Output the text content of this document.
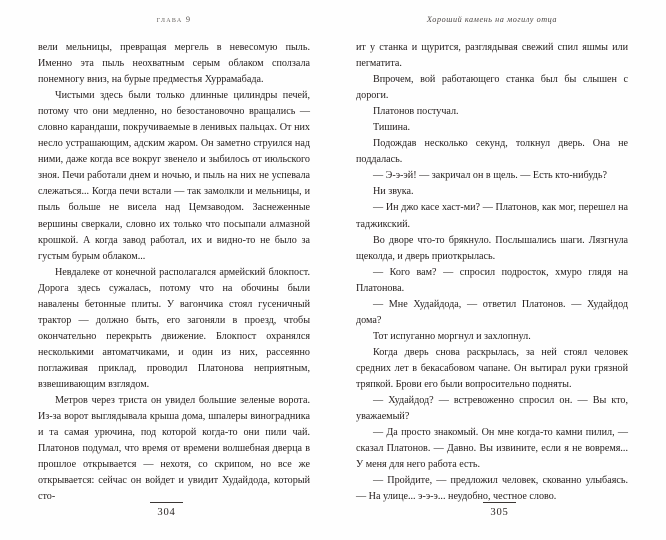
глава 9

вели мельницы, превращая мергель в невесомую пыль. Именно эта пыль неохватным серым облаком сползала понемногу вниз, на бурые предместья Хуррамабада.

Чистыми здесь были только длинные цилиндры печей, потому что они медленно, но безостановочно вращались — словно карандаши, покручиваемые в ленивых пальцах. От них несло устрашающим, адским жаром. Он заметно струился над ними, даже когда все вокруг звенело и зыбилось от июльского зноя. Печи работали днем и ночью, и пыль на них не успевала слежаться... Когда печи встали — так замолкли и мельницы, и пыль больше не висела над Цемзаводом. Заснеженные вершины сверкали, словно их только что посыпали алмазной крошкой. А когда завод работал, их и видно-то не было за густым бурым облаком...

Невдалеке от конечной располагался армейский блокпост. Дорога здесь сужалась, потому что на обочины были навалены бетонные плиты. У вагончика стоял гусеничный трактор — должно быть, его загоняли в проезд, чтобы окончательно перекрыть движение. Блокпост охранялся несколькими автоматчиками, и один из них, рассеянно поглаживая приклад, проводил Платонова неприятным, взвешивающим взглядом.

Метров через триста он увидел большие зеленые ворота. Из-за ворот выглядывала крыша дома, шпалеры виноградника и та самая урючина, под которой когда-то они пили чай. Платонов подумал, что время от времени волшебная дверца в прошлое открывается — нехотя, со скрипом, но все же открывается: сейчас он войдет и увидит Худайдода, который сто-

304
Хороший камень на могилу отца

ит у станка и щурится, разглядывая свежий спил яшмы или пегматита.

Впрочем, вой работающего станка был бы слышен с дороги.

Платонов постучал.

Тишина.

Подождав несколько секунд, толкнул дверь. Она не поддалась.

— Э-э-эй! — закричал он в щель. — Есть кто-нибудь?

Ни звука.

— Ин джо касе хаст-ми? — Платонов, как мог, перешел на таджикский.

Во дворе что-то брякнуло. Послышались шаги. Лязгнула щеколда, и дверь приоткрылась.

— Кого вам? — спросил подросток, хмуро глядя на Платонова.

— Мне Худайдода, — ответил Платонов. — Худайдод дома?

Тот испуганно моргнул и захлопнул.

Когда дверь снова раскрылась, за ней стоял человек средних лет в бекасабовом чапане. Он вытирал руки грязной тряпкой. Брови его были вопросительно подняты.

— Худайдод? — встревоженно спросил он. — Вы кто, уважаемый?

— Да просто знакомый. Он мне когда-то камни пилил, — сказал Платонов. — Давно. Вы извините, если я не вовремя... У меня для него работа есть.

— Пройдите, — предложил человек, скованно улыбаясь. — На улице... э-э-э... неудобно, честное слово.

305
